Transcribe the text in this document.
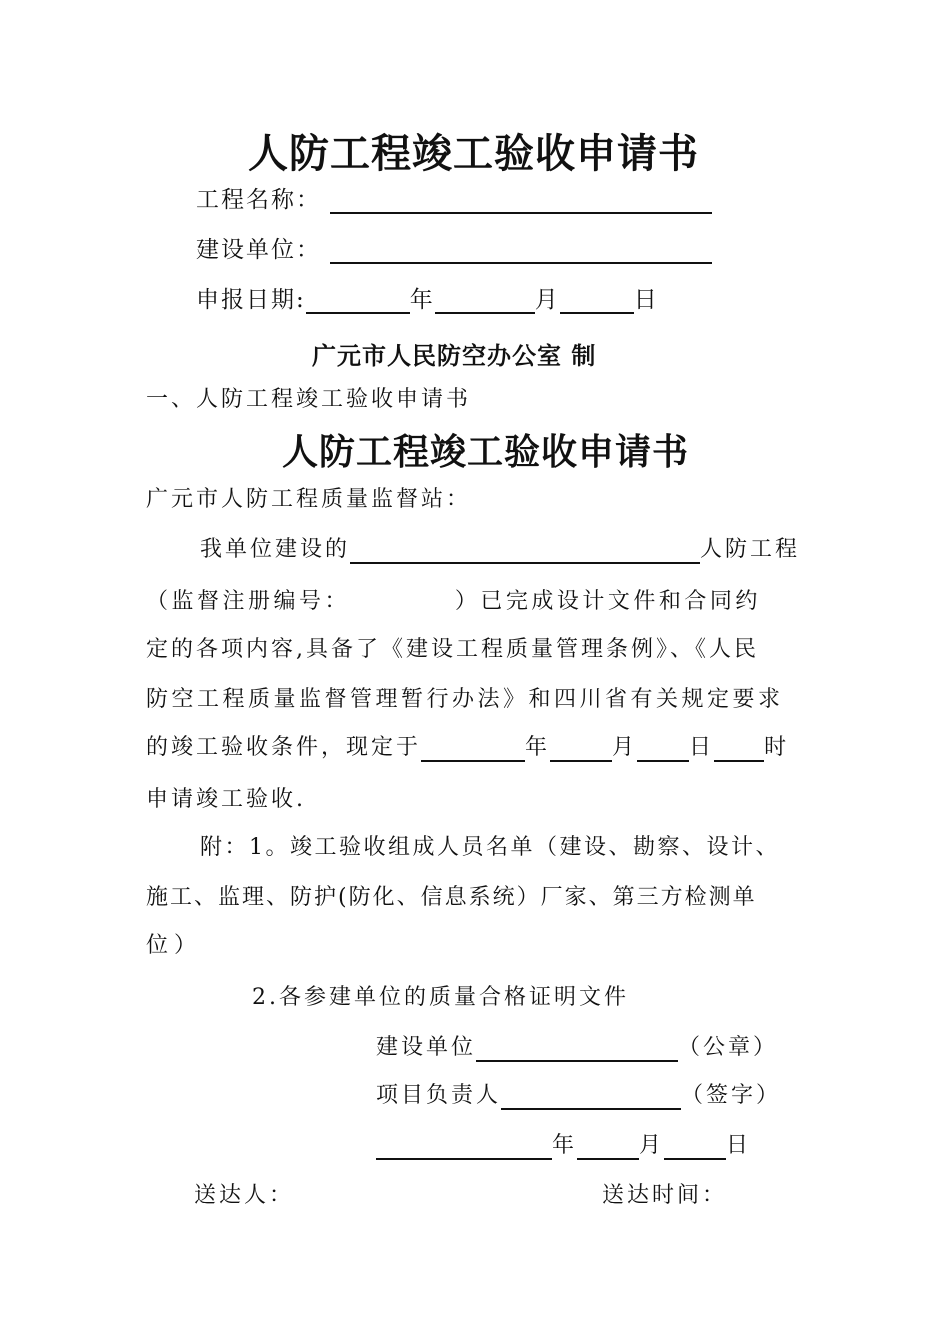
人防工程竣工验收申请书
工程名称：
建设单位：
申报日期:	年	月	日
广元市人民防空办公室 制
一、人防工程竣工验收申请书
人防工程竣工验收申请书
广元市人防工程质量监督站：
我单位建设的	人防工程
（监督注册编号：          ）已完成设计文件和合同约
定的各项内容,具备了《建设工程质量管理条例》、《人民
防空工程质量监督管理暂行办法》和四川省有关规定要求
的竣工验收条件，现定于	年	月 日 时
申请竣工验收.
附：1。竣工验收组成人员名单（建设、勘察、设计、
施工、监理、防护(防化、信息系统）厂家、第三方检测单
位）
2.各参建单位的质量合格证明文件
建设单位	（公章）
项目负责人	（签字）
年	月	日
送达人：	送达时间：
